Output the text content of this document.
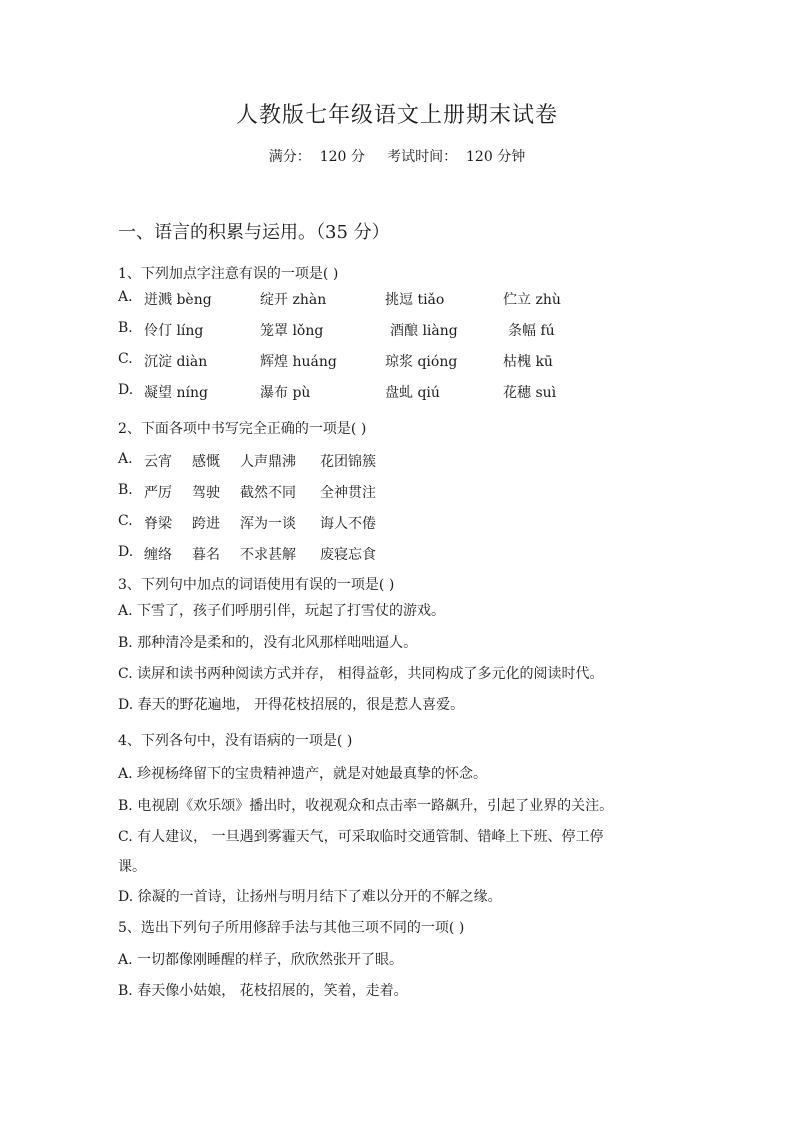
人教版七年级语文上册期末试卷
满分：  120 分     考试时间：  120 分钟
一、语言的积累与运用。（35 分）
1、下列加点字注意有误的一项是( )
A. 迸溅 bèng	绽开 zhàn	挑逗 tiǎo	伫立 zhù
B. 伶仃 líng	笼罩 lǒng	酒酿 liàng	条幅 fú
C. 沉淀 diàn	辉煌 huáng	琼浆 qióng	枯槐 kū
D. 凝望 níng	瀑布 pù	盘虬 qiú	花穗 suì
2、下面各项中书写完全正确的一项是( )
A. 云宵 感慨 人声鼎沸 花团锦簇
B. 严厉 驾驶 截然不同 全神贯注
C. 脊梁 跨进 浑为一谈 诲人不倦
D. 缠络 暮名 不求甚解 废寝忘食
3、下列句中加点的词语使用有误的一项是( )
A. 下雪了，孩子们呼朋引伴，玩起了打雪仗的游戏。
B. 那种清冷是柔和的，没有北风那样咄咄逼人。
C. 读屏和读书两种阅读方式并存， 相得益彰，共同构成了多元化的阅读时代。
D. 春天的野花遍地， 开得花枝招展的，很是惹人喜爱。
4、下列各句中，没有语病的一项是( )
A. 珍视杨绛留下的宝贵精神遗产，就是对她最真挚的怀念。
B. 电视剧《欢乐颂》播出时，收视观众和点击率一路飙升，引起了业界的关注。
C. 有人建议， 一旦遇到雾霾天气，可采取临时交通管制、错峰上下班、停工停
课。
D. 徐凝的一首诗，让扬州与明月结下了难以分开的不解之缘。
5、选出下列句子所用修辞手法与其他三项不同的一项( )
A. 一切都像刚睡醒的样子，欣欣然张开了眼。
B. 春天像小姑娘， 花枝招展的，笑着，走着。
